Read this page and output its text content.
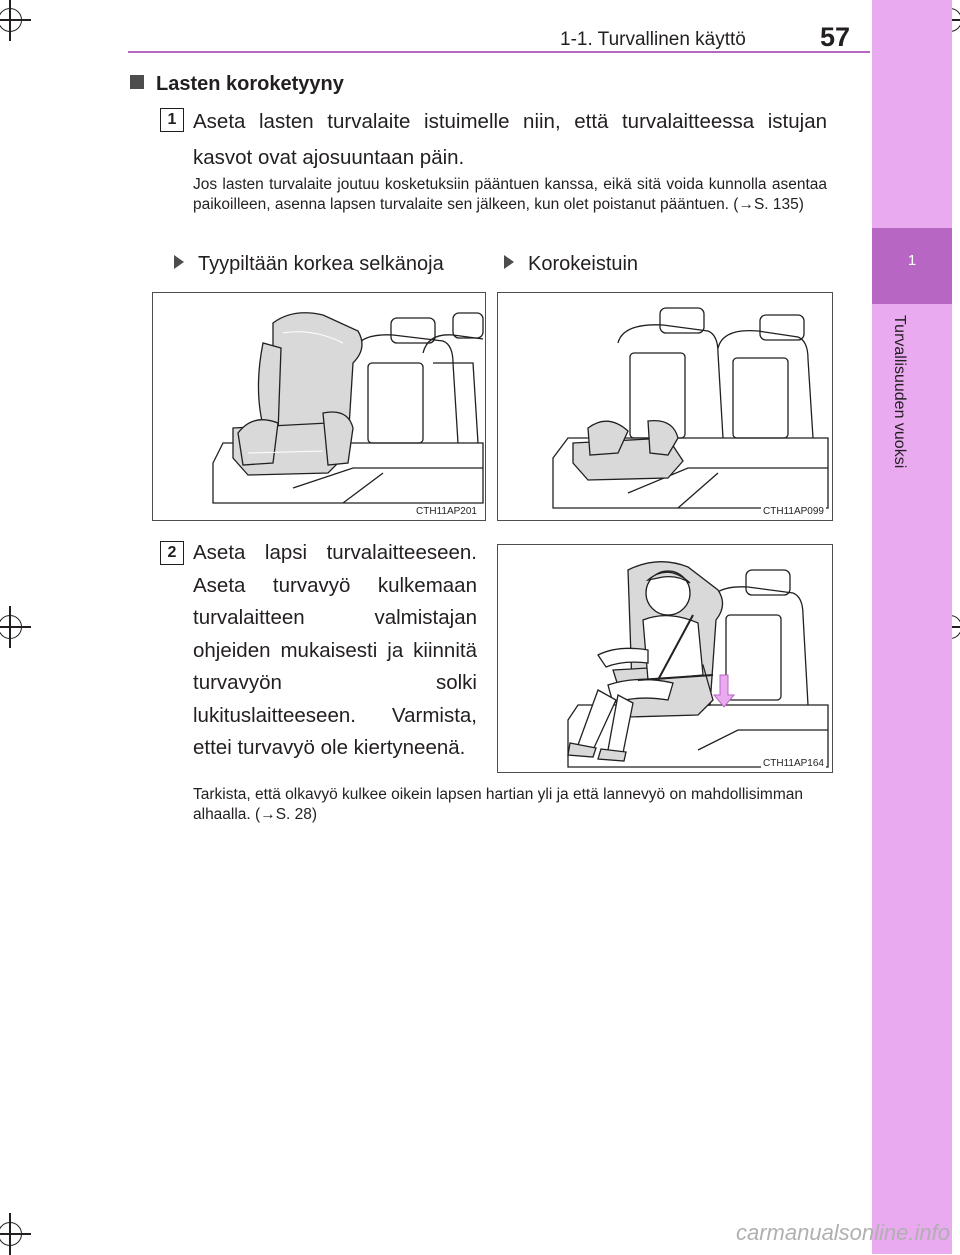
1-1. Turvallinen käyttö	57
1
Turvallisuuden vuoksi
Lasten koroketyyny
1 Aseta lasten turvalaite istuimelle niin, että turvalaitteessa istujan kasvot ovat ajosuuntaan päin.
Jos lasten turvalaite joutuu kosketuksiin pääntuen kanssa, eikä sitä voida kunnolla asentaa paikoilleen, asenna lapsen turvalaite sen jälkeen, kun olet poistanut pääntuen. (→S. 135)
Tyypiltään korkea selkänoja	Korokeistuin
CTH11AP201	CTH11AP099
2 Aseta lapsi turvalaitteeseen. Aseta turvavyö kulkemaan turvalaitteen valmistajan ohjeiden mukaisesti ja kiinnitä turvavyön solki lukituslaitteeseen. Varmista, ettei turvavyö ole kiertyneenä.
CTH11AP164
Tarkista, että olkavyö kulkee oikein lapsen hartian yli ja että lannevyö on mahdollisimman alhaalla. (→S. 28)
carmanualsonline.info
